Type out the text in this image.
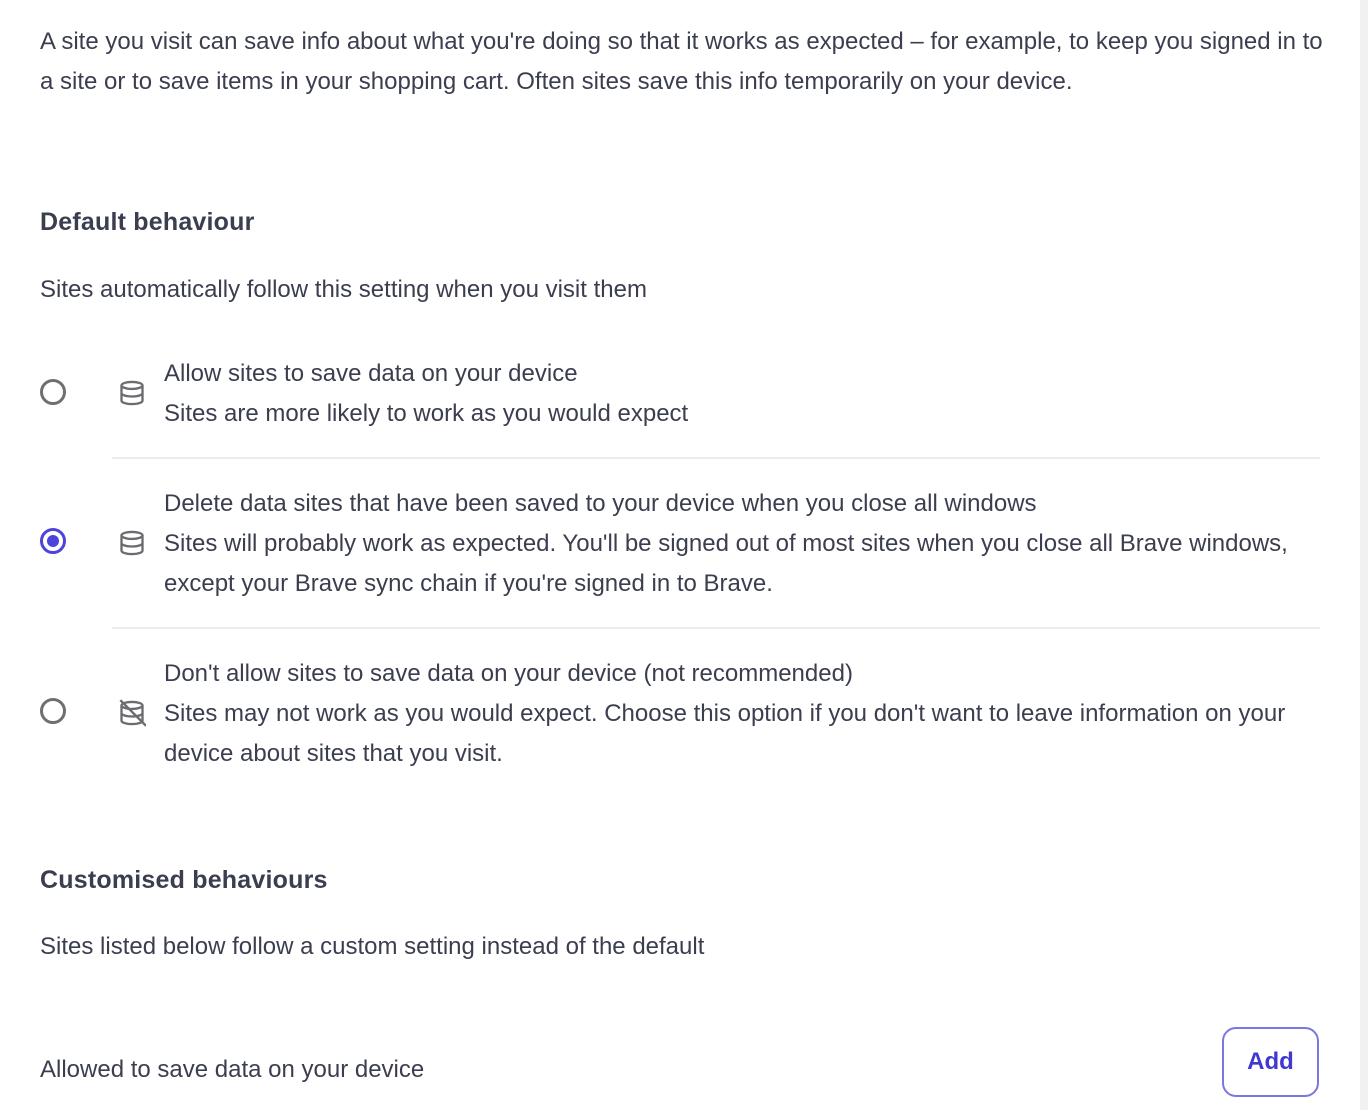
A site you visit can save info about what you're doing so that it works as expected – for example, to keep you signed in to a site or to save items in your shopping cart. Often sites save this info temporarily on your device.
Default behaviour
Sites automatically follow this setting when you visit them
Allow sites to save data on your device
Sites are more likely to work as you would expect
Delete data sites that have been saved to your device when you close all windows
Sites will probably work as expected. You'll be signed out of most sites when you close all Brave windows, except your Brave sync chain if you're signed in to Brave.
Don't allow sites to save data on your device (not recommended)
Sites may not work as you would expect. Choose this option if you don't want to leave information on your device about sites that you visit.
Customised behaviours
Sites listed below follow a custom setting instead of the default
Allowed to save data on your device	Add
